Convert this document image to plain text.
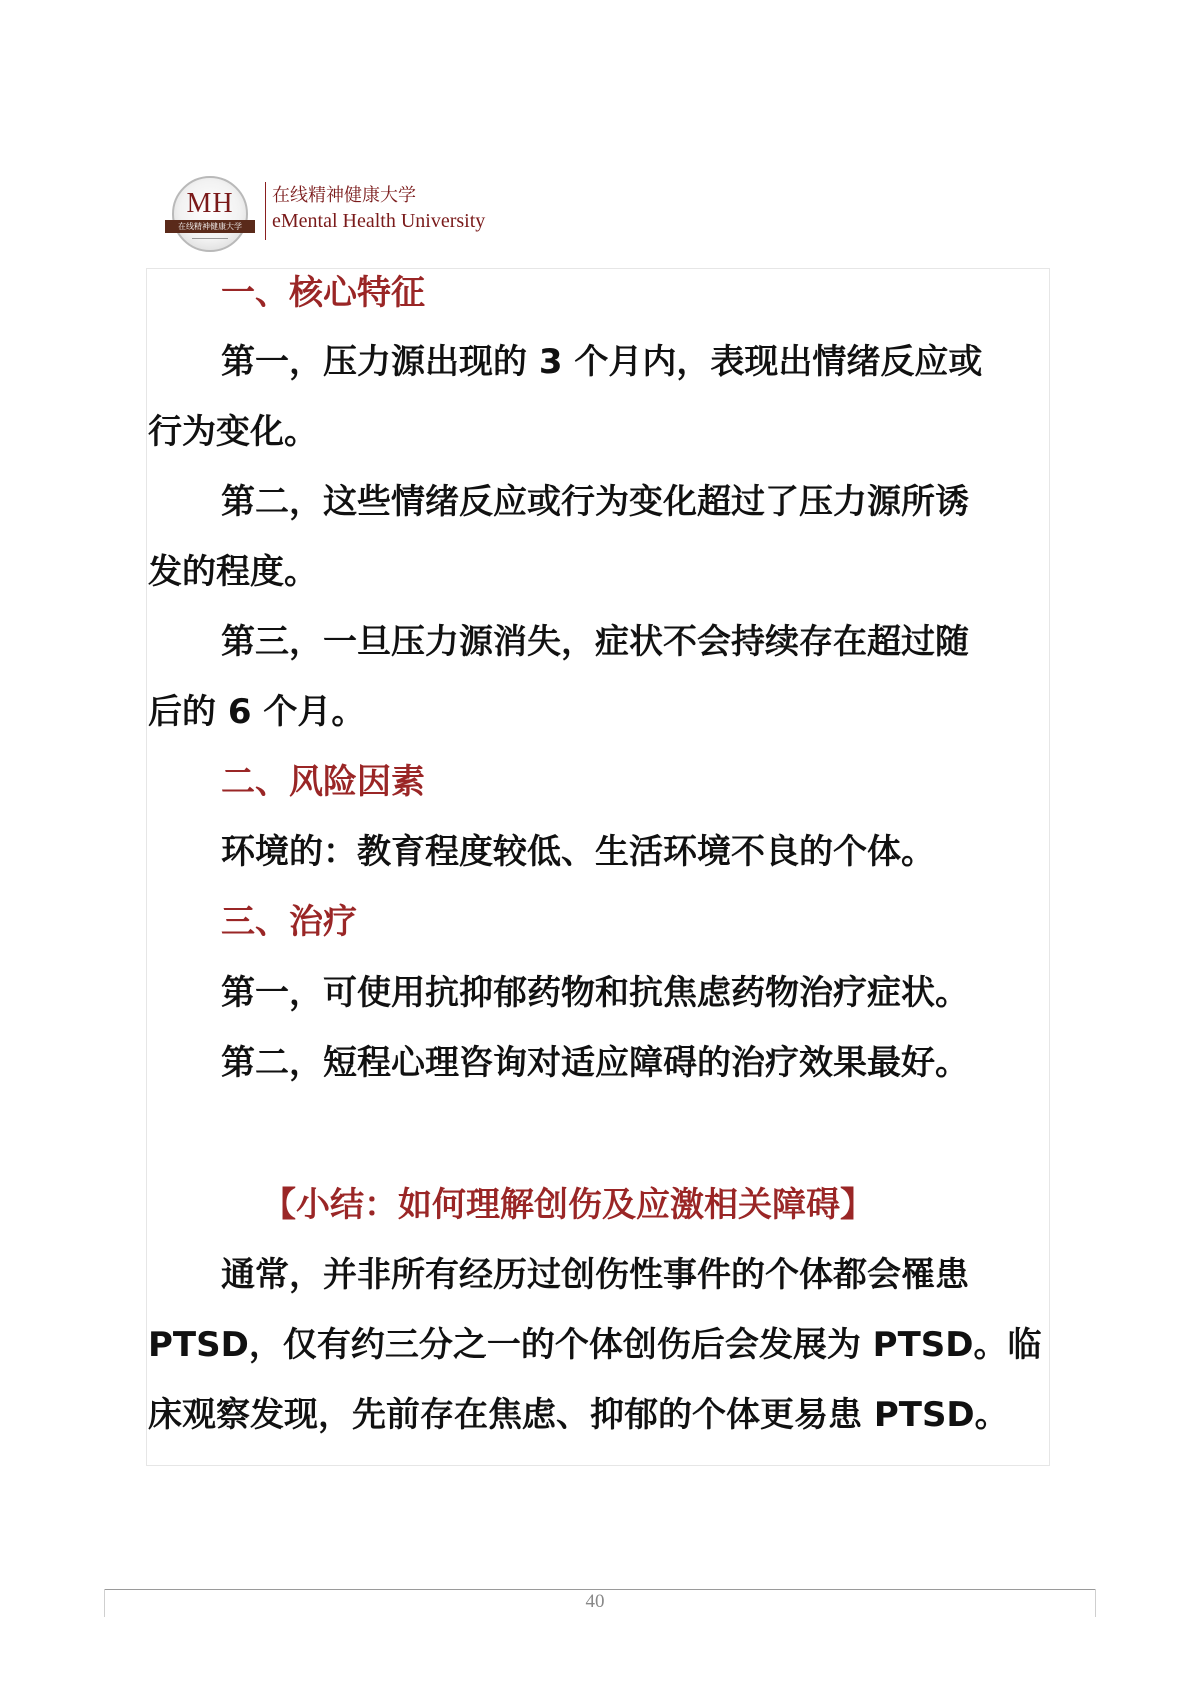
MH
在线精神健康大学
在线精神健康大学
eMental Health University
一、核心特征
第一，压力源出现的 3 个月内，表现出情绪反应或
行为变化。
第二，这些情绪反应或行为变化超过了压力源所诱
发的程度。
第三，一旦压力源消失，症状不会持续存在超过随
后的 6 个月。
二、风险因素
环境的：教育程度较低、生活环境不良的个体。
三、治疗
第一，可使用抗抑郁药物和抗焦虑药物治疗症状。
第二，短程心理咨询对适应障碍的治疗效果最好。
【小结：如何理解创伤及应激相关障碍】
通常，并非所有经历过创伤性事件的个体都会罹患
PTSD，仅有约三分之一的个体创伤后会发展为 PTSD。临
床观察发现，先前存在焦虑、抑郁的个体更易患 PTSD。
40
